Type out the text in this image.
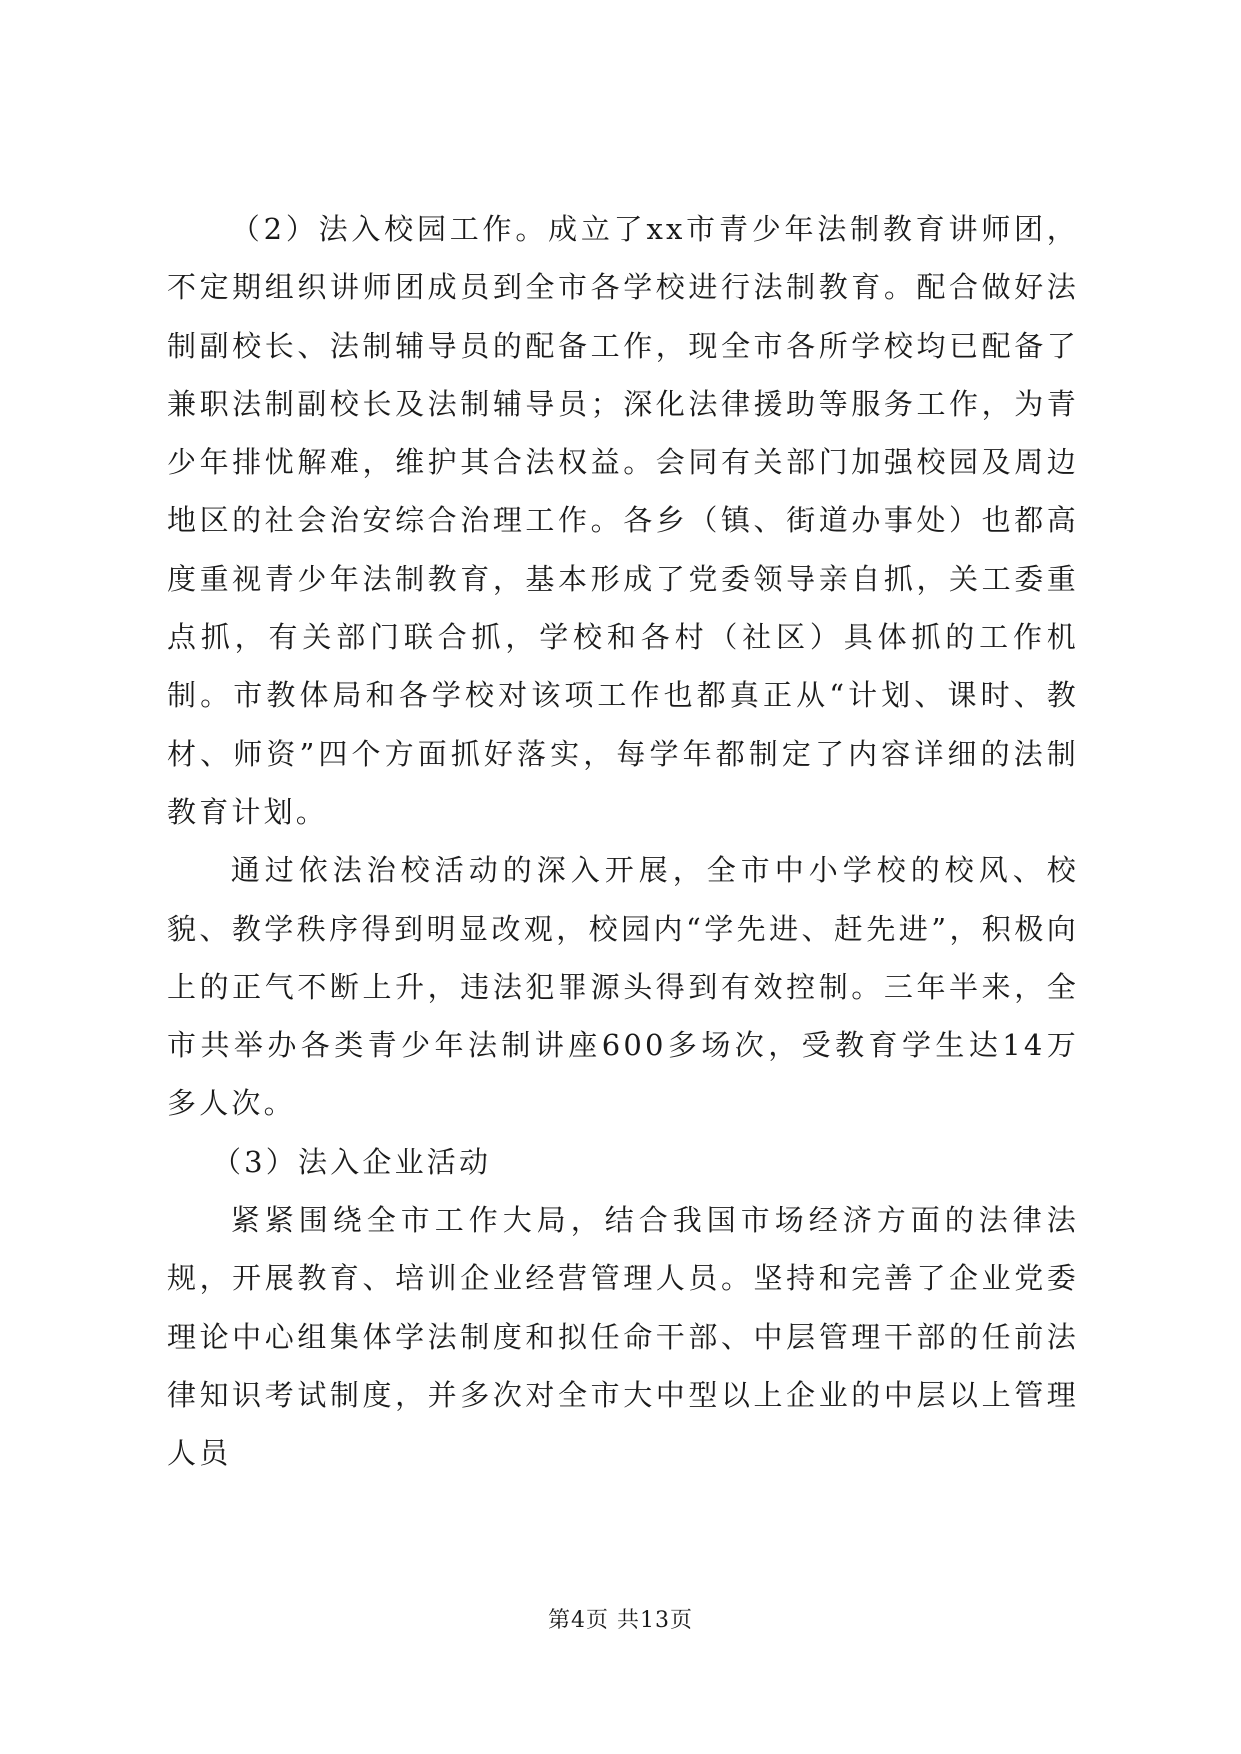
（2）法入校园工作。成立了xx市青少年法制教育讲师团，不定期组织讲师团成员到全市各学校进行法制教育。配合做好法制副校长、法制辅导员的配备工作，现全市各所学校均已配备了兼职法制副校长及法制辅导员；深化法律援助等服务工作，为青少年排忧解难，维护其合法权益。会同有关部门加强校园及周边地区的社会治安综合治理工作。各乡（镇、街道办事处）也都高度重视青少年法制教育，基本形成了党委领导亲自抓，关工委重点抓，有关部门联合抓，学校和各村（社区）具体抓的工作机制。市教体局和各学校对该项工作也都真正从“计划、课时、教材、师资”四个方面抓好落实，每学年都制定了内容详细的法制教育计划。

通过依法治校活动的深入开展，全市中小学校的校风、校貌、教学秩序得到明显改观，校园内“学先进、赶先进”，积极向上的正气不断上升，违法犯罪源头得到有效控制。三年半来，全市共举办各类青少年法制讲座600多场次，受教育学生达14万多人次。

（3）法入企业活动

紧紧围绕全市工作大局，结合我国市场经济方面的法律法规，开展教育、培训企业经营管理人员。坚持和完善了企业党委理论中心组集体学法制度和拟任命干部、中层管理干部的任前法律知识考试制度，并多次对全市大中型以上企业的中层以上管理人员

第4页 共13页
